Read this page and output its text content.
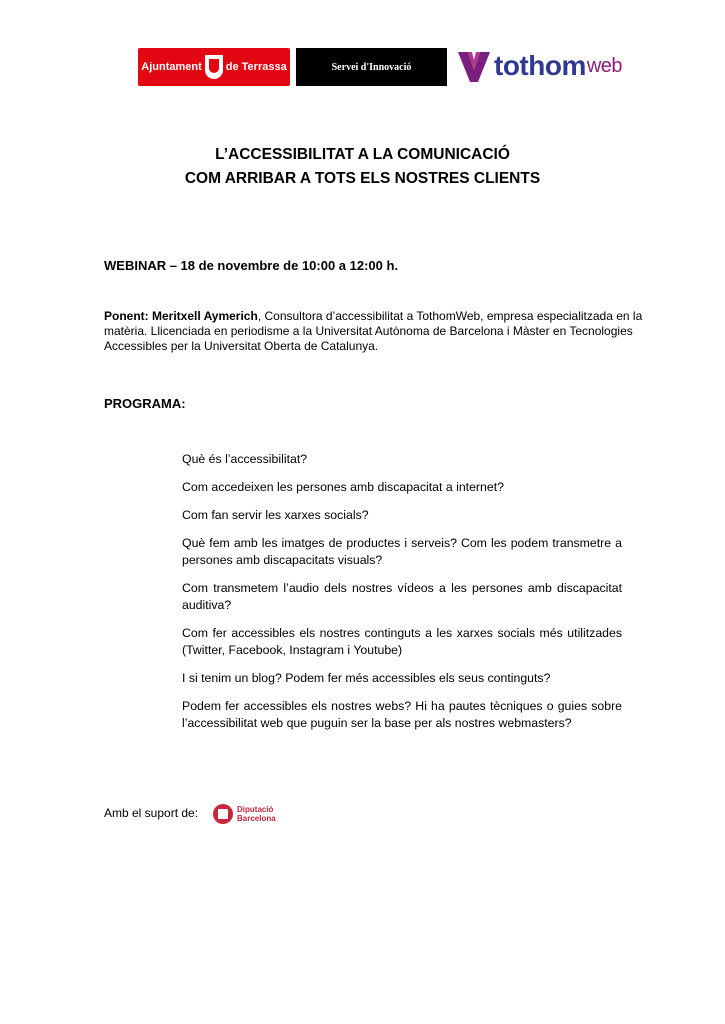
Ajuntament de Terrassa	Servei d'Innovació	tothom web
L’ACCESSIBILITAT A LA COMUNICACIÓ
COM ARRIBAR A TOTS ELS NOSTRES CLIENTS
WEBINAR – 18 de novembre de 10:00 a 12:00 h.
Ponent: Meritxell Aymerich, Consultora d’accessibilitat a TothomWeb, empresa especialitzada en la matèria. Llicenciada en periodisme a la Universitat Autònoma de Barcelona i Màster en Tecnologies Accessibles per la Universitat Oberta de Catalunya.
PROGRAMA:
Què és l’accessibilitat?
Com accedeixen les persones amb discapacitat a internet?
Com fan servir les xarxes socials?
Què fem amb les imatges de productes i serveis? Com les podem transmetre a persones amb discapacitats visuals?
Com transmetem l’audio dels nostres vídeos a les persones amb discapacitat auditiva?
Com fer accessibles els nostres continguts a les xarxes socials més utilitzades (Twitter, Facebook, Instagram i Youtube)
I si tenim un blog? Podem fer més accessibles els seus continguts?
Podem fer accessibles els nostres webs? Hi ha pautes tècniques o guies sobre l’accessibilitat web que puguin ser la base per als nostres webmasters?
Amb el suport de:	Diputació
Barcelona
